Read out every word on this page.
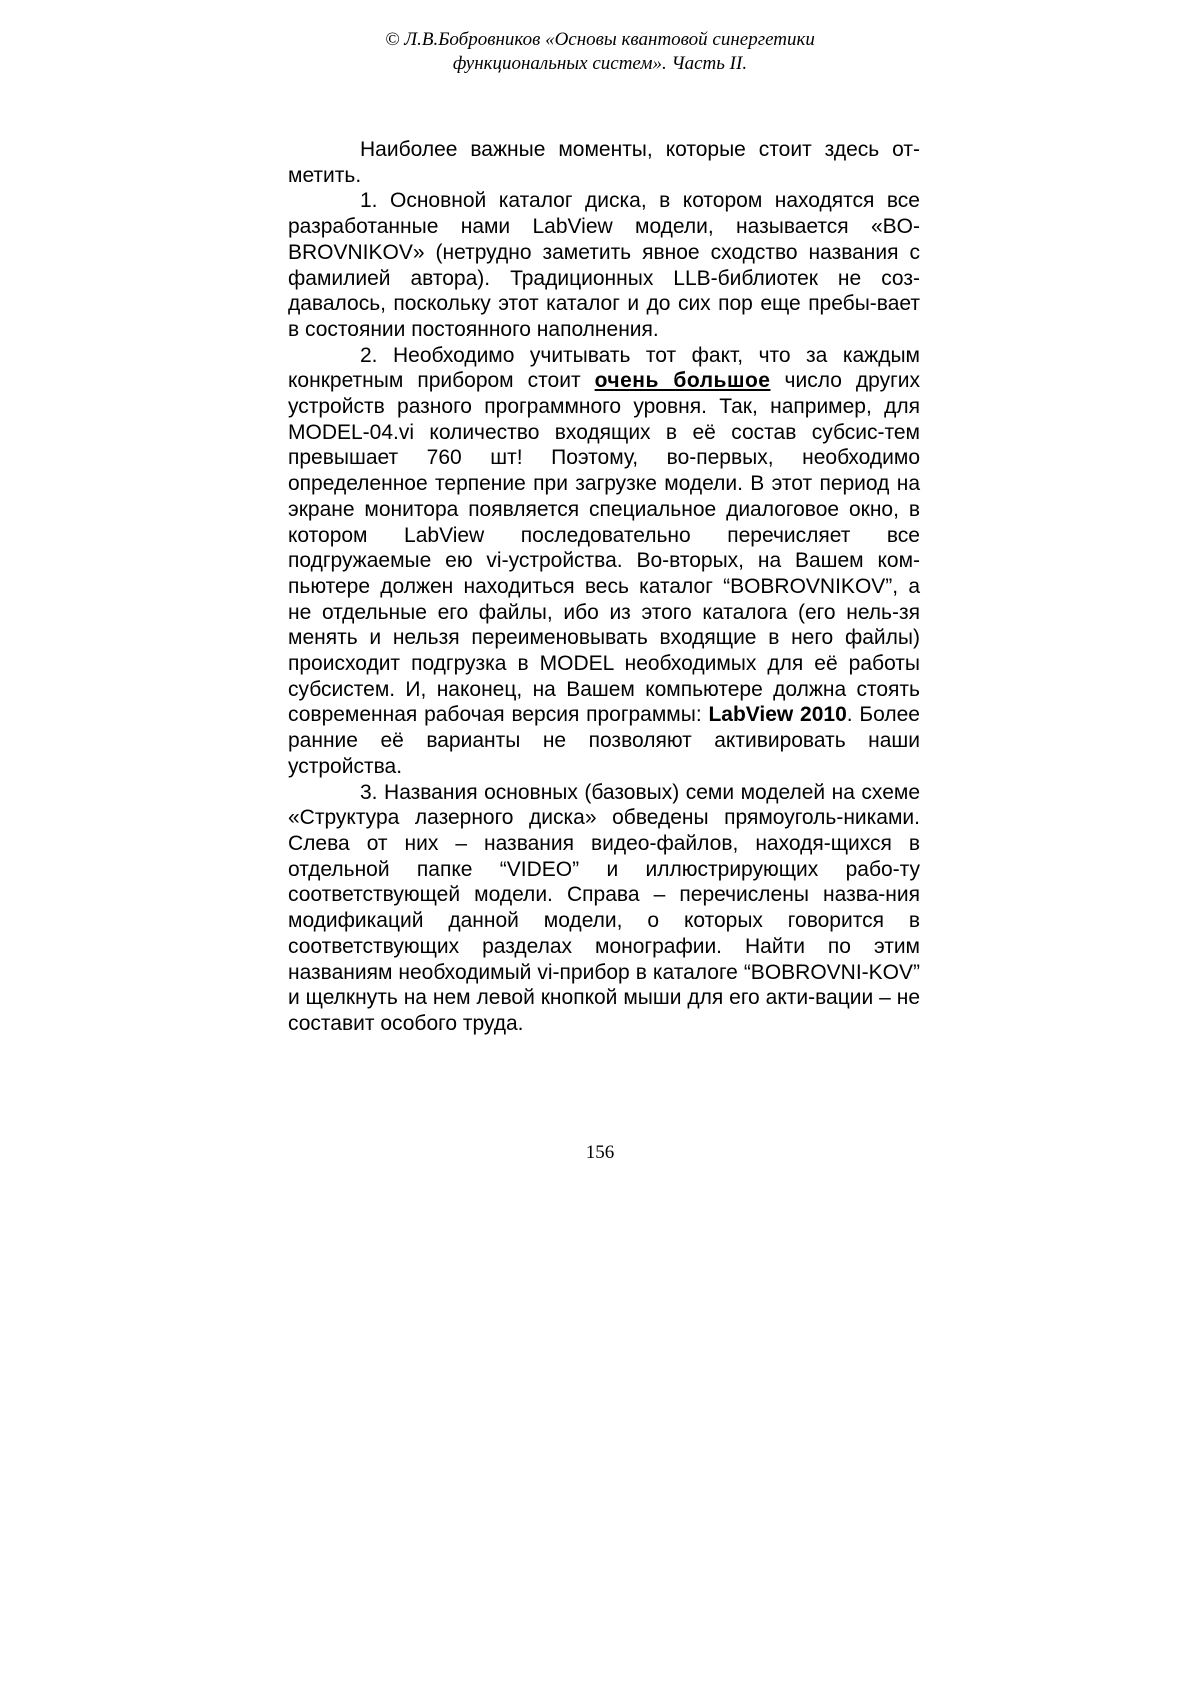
© Л.В.Бобровников «Основы квантовой синергетики
функциональных систем». Часть II.

Наиболее важные моменты, которые стоит здесь от-метить.

1. Основной каталог диска, в котором находятся все разработанные нами LabView модели, называется «BO-BROVNIKOV» (нетрудно заметить явное сходство названия с фамилией автора). Традиционных LLB-библиотек не соз-давалось, поскольку этот каталог и до сих пор еще пребы-вает в состоянии постоянного наполнения.

2. Необходимо учитывать тот факт, что за каждым конкретным прибором стоит очень большое число других устройств разного программного уровня. Так, например, для MODEL-04.vi количество входящих в её состав субсис-тем превышает 760 шт! Поэтому, во-первых, необходимо определенное терпение при загрузке модели. В этот период на экране монитора появляется специальное диалоговое окно, в котором LabView последовательно перечисляет все подгружаемые ею vi-устройства. Во-вторых, на Вашем ком-пьютере должен находиться весь каталог “BOBROVNIKOV”, а не отдельные его файлы, ибо из этого каталога (его нель-зя менять и нельзя переименовывать входящие в него файлы) происходит подгрузка в MODEL необходимых для её работы субсистем. И, наконец, на Вашем компьютере должна стоять современная рабочая версия программы: LabView 2010. Более ранние её варианты не позволяют активировать наши устройства.

3. Названия основных (базовых) семи моделей на схеме «Структура лазерного диска» обведены прямоуголь-никами. Слева от них – названия видео-файлов, находя-щихся в отдельной папке “VIDEO” и иллюстрирующих рабо-ту соответствующей модели. Справа – перечислены назва-ния модификаций данной модели, о которых говорится в соответствующих разделах монографии. Найти по этим названиям необходимый vi-прибор в каталоге “BOBROVNI-KOV” и щелкнуть на нем левой кнопкой мыши для его акти-вации – не составит особого труда.

156
